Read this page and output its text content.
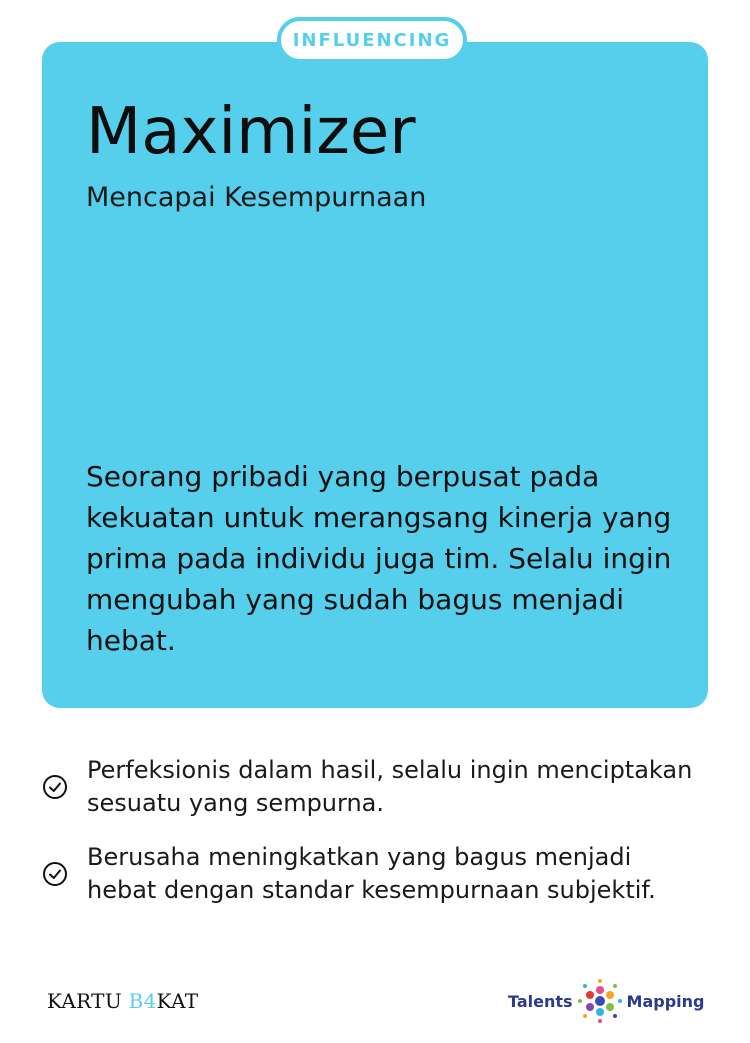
INFLUENCING
Maximizer

Mencapai Kesempurnaan

Seorang pribadi yang berpusat pada kekuatan untuk merangsang kinerja yang prima pada individu juga tim. Selalu ingin mengubah yang sudah bagus menjadi hebat.

Perfeksionis dalam hasil, selalu ingin menciptakan sesuatu yang sempurna.
Berusaha meningkatkan yang bagus menjadi hebat dengan standar kesempurnaan subjektif.
KARTU B4KAT	Talents	Mapping
